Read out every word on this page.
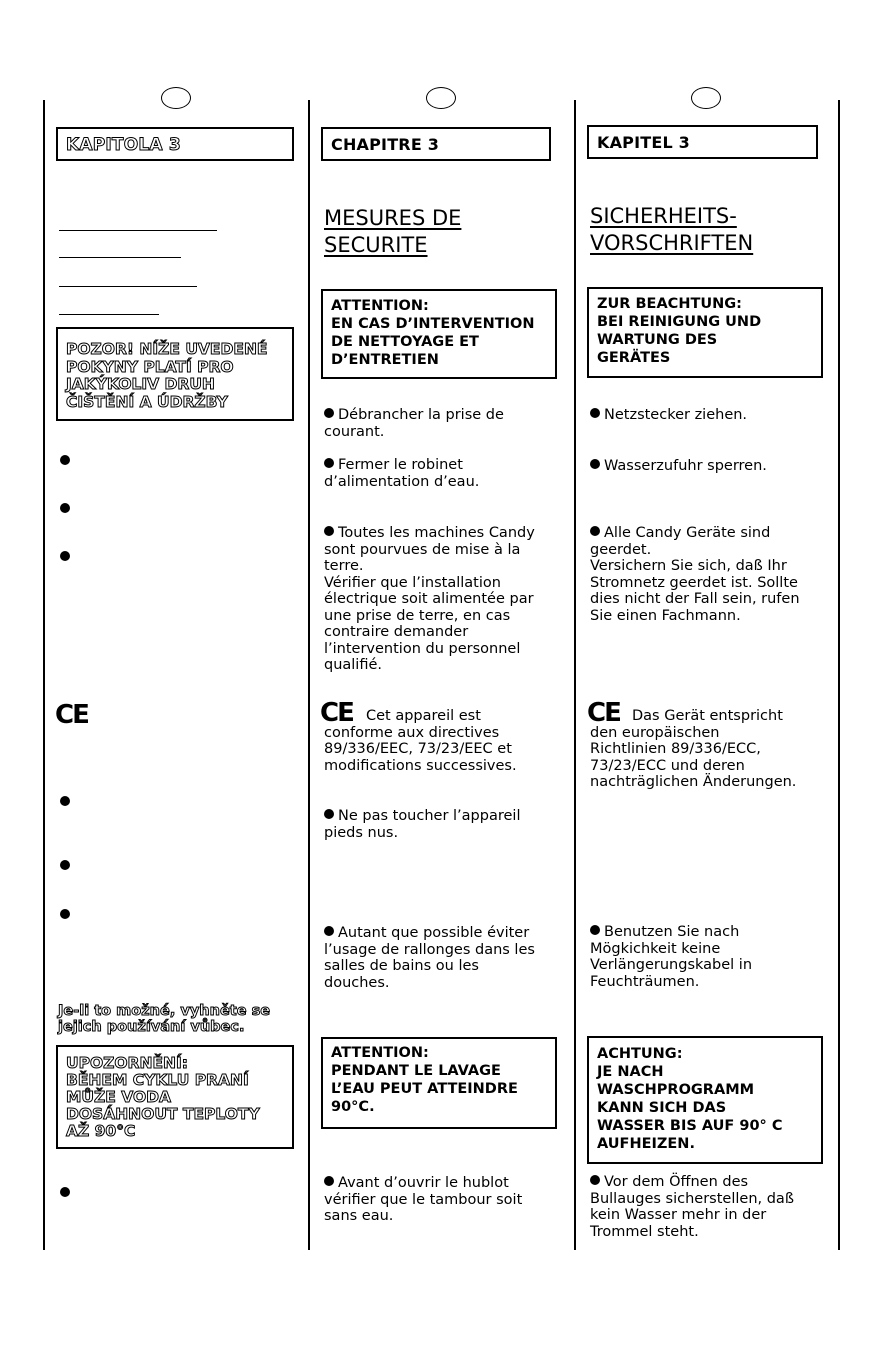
KAPITOLA 3
POZOR! NÍŽE UVEDENÉ
POKYNY PLATÍ PRO
JAKÝKOLIV DRUH
ČIŠTĚNÍ A ÚDRŽBY
CE
Je-li to možné, vyhněte se
jejich používání vůbec.
UPOZORNĚNÍ:
BĚHEM CYKLU PRANÍ
MŮŽE VODA
DOSÁHNOUT TEPLOTY
AŽ 90°C
CHAPITRE 3
MESURES DE
SECURITE
ATTENTION:
EN CAS D’INTERVENTION
DE NETTOYAGE ET
D’ENTRETIEN
Débrancher la prise de
courant.
Fermer le robinet
d’alimentation d’eau.
Toutes les machines Candy
sont pourvues de mise à la
terre.
Vérifier que l’installation
électrique soit alimentée par
une prise de terre, en cas
contraire demander
l’intervention du personnel
qualifié.
CE Cet appareil est
conforme aux directives
89/336/EEC, 73/23/EEC et
modifications successives.
Ne pas toucher l’appareil
pieds nus.
Autant que possible éviter
l’usage de rallonges dans les
salles de bains ou les
douches.
ATTENTION:
PENDANT LE LAVAGE
L’EAU PEUT ATTEINDRE
90°C.
Avant d’ouvrir le hublot
vérifier que le tambour soit
sans eau.
KAPITEL 3
SICHERHEITS-
VORSCHRIFTEN
ZUR BEACHTUNG:
BEI REINIGUNG UND
WARTUNG DES
GERÄTES
Netzstecker ziehen.
Wasserzufuhr sperren.
Alle Candy Geräte sind
geerdet.
Versichern Sie sich, daß Ihr
Stromnetz geerdet ist. Sollte
dies nicht der Fall sein, rufen
Sie einen Fachmann.
CE Das Gerät entspricht
den europäischen
Richtlinien 89/336/ECC,
73/23/ECC und deren
nachträglichen Änderungen.
Benutzen Sie nach
Mögkichkeit keine
Verlängerungskabel in
Feuchträumen.
ACHTUNG:
JE NACH
WASCHPROGRAMM
KANN SICH DAS
WASSER BIS AUF 90° C
AUFHEIZEN.
Vor dem Öffnen des
Bullauges sicherstellen, daß
kein Wasser mehr in der
Trommel steht.
